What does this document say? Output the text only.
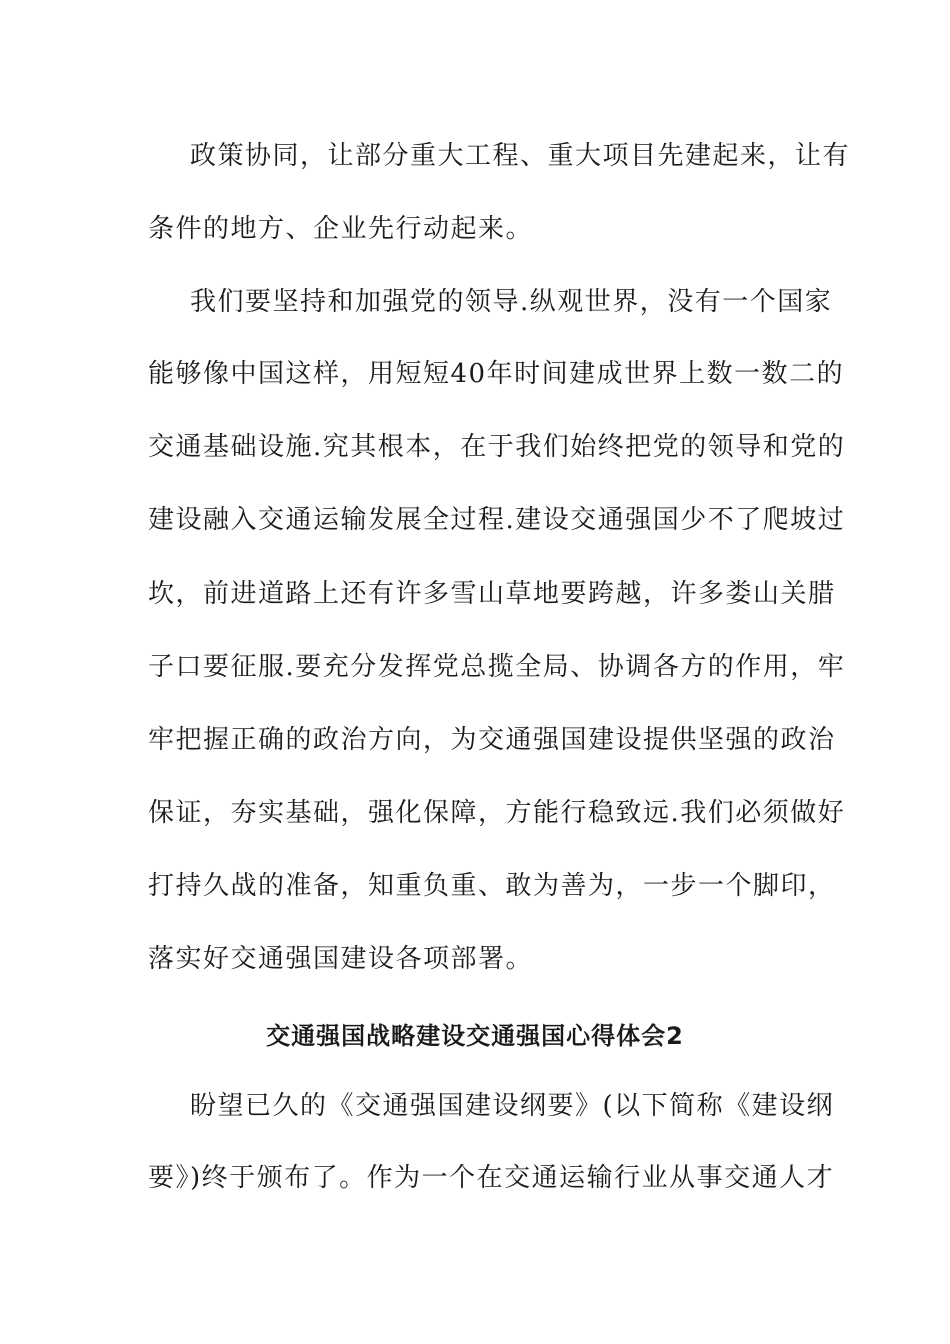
政策协同，让部分重大工程、重大项目先建起来，让有
条件的地方、企业先行动起来。
我们要坚持和加强党的领导.纵观世界，没有一个国家
能够像中国这样，用短短40年时间建成世界上数一数二的
交通基础设施.究其根本，在于我们始终把党的领导和党的
建设融入交通运输发展全过程.建设交通强国少不了爬坡过
坎，前进道路上还有许多雪山草地要跨越，许多娄山关腊
子口要征服.要充分发挥党总揽全局、协调各方的作用，牢
牢把握正确的政治方向，为交通强国建设提供坚强的政治
保证，夯实基础，强化保障，方能行稳致远.我们必须做好
打持久战的准备，知重负重、敢为善为，一步一个脚印，
落实好交通强国建设各项部署。
交通强国战略建设交通强国心得体会2
盼望已久的《交通强国建设纲要》(以下简称《建设纲
要》)终于颁布了。作为一个在交通运输行业从事交通人才
